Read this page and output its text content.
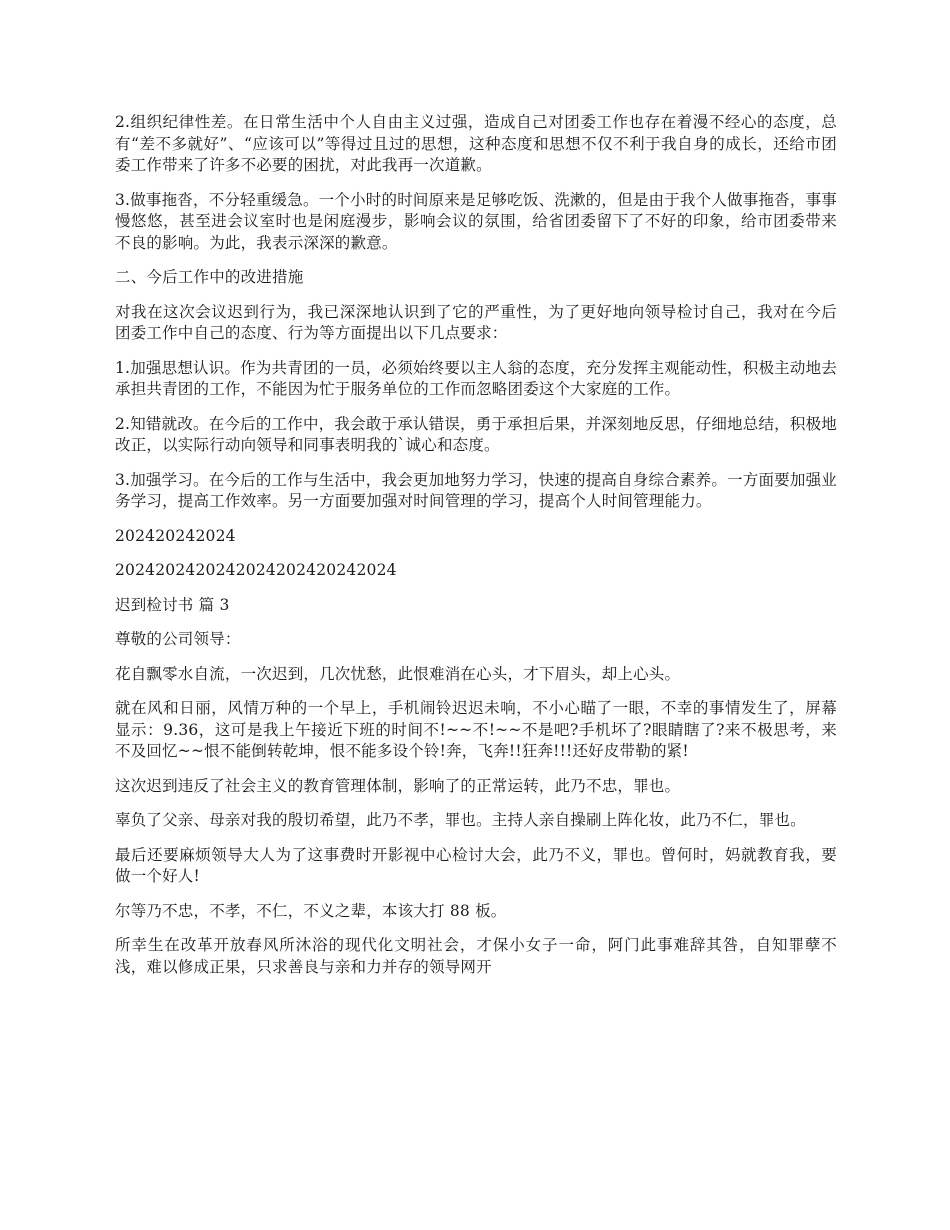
2.组织纪律性差。在日常生活中个人自由主义过强，造成自己对团委工作也存在着漫不经心的态度，总有“差不多就好”、“应该可以”等得过且过的思想，这种态度和思想不仅不利于我自身的成长，还给市团委工作带来了许多不必要的困扰，对此我再一次道歉。

3.做事拖沓，不分轻重缓急。一个小时的时间原来是足够吃饭、洗漱的，但是由于我个人做事拖沓，事事慢悠悠，甚至进会议室时也是闲庭漫步，影响会议的氛围，给省团委留下了不好的印象，给市团委带来不良的影响。为此，我表示深深的歉意。

二、今后工作中的改进措施

对我在这次会议迟到行为，我已深深地认识到了它的严重性，为了更好地向领导检讨自己，我对在今后团委工作中自己的态度、行为等方面提出以下几点要求：

1.加强思想认识。作为共青团的一员，必须始终要以主人翁的态度，充分发挥主观能动性，积极主动地去承担共青团的工作，不能因为忙于服务单位的工作而忽略团委这个大家庭的工作。

2.知错就改。在今后的工作中，我会敢于承认错误，勇于承担后果，并深刻地反思，仔细地总结，积极地改正，以实际行动向领导和同事表明我的`诚心和态度。

3.加强学习。在今后的工作与生活中，我会更加地努力学习，快速的提高自身综合素养。一方面要加强业务学习，提高工作效率。另一方面要加强对时间管理的学习，提高个人时间管理能力。

202420242024

2024202420242024202420242024

迟到检讨书 篇 3

尊敬的公司领导：

花自飘零水自流，一次迟到，几次忧愁，此恨难消在心头，才下眉头，却上心头。

就在风和日丽，风情万种的一个早上，手机闹铃迟迟未响，不小心瞄了一眼，不幸的事情发生了，屏幕显示：9.36，这可是我上午接近下班的时间不!~~不!~~不是吧?手机坏了?眼睛瞎了?来不极思考，来不及回忆~~恨不能倒转乾坤，恨不能多设个铃!奔，飞奔!!狂奔!!!还好皮带勒的紧!

这次迟到违反了社会主义的教育管理体制，影响了的正常运转，此乃不忠，罪也。

辜负了父亲、母亲对我的殷切希望，此乃不孝，罪也。主持人亲自操刷上阵化妆，此乃不仁，罪也。

最后还要麻烦领导大人为了这事费时开影视中心检讨大会，此乃不义，罪也。曾何时，妈就教育我，要做一个好人!

尔等乃不忠，不孝，不仁，不义之辈，本该大打 88 板。

所幸生在改革开放春风所沐浴的现代化文明社会，才保小女子一命，阿门此事难辞其咎，自知罪孽不浅，难以修成正果，只求善良与亲和力并存的领导网开
